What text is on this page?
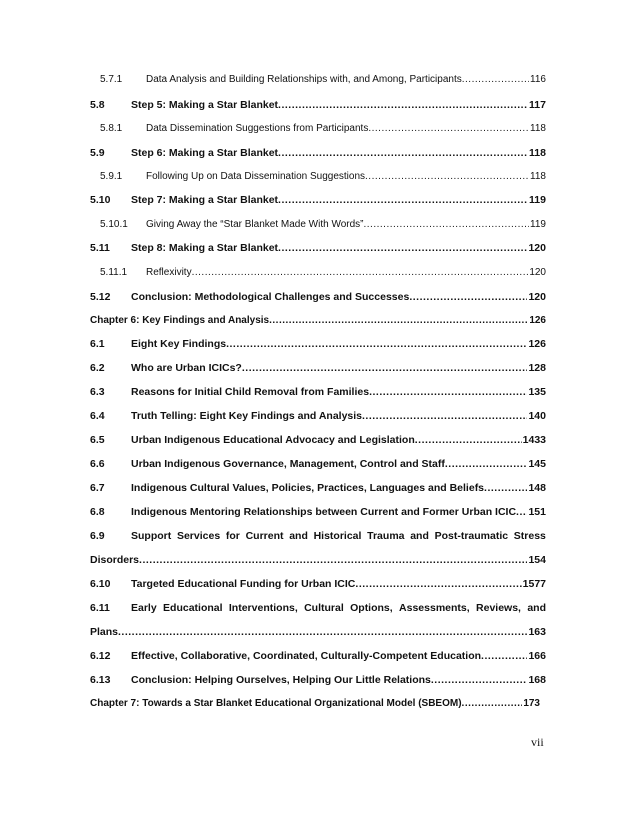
5.7.1	Data Analysis and Building Relationships with, and Among, Participants .....	116
5.8	Step 5: Making a Star Blanket .....	117
5.8.1	Data Dissemination Suggestions from Participants .....	118
5.9	Step 6: Making a Star Blanket .....	118
5.9.1	Following Up on Data Dissemination Suggestions .....	118
5.10	Step 7: Making a Star Blanket .....	119
5.10.1	Giving Away the “Star Blanket Made With Words” .....	119
5.11	Step 8: Making a Star Blanket .....	120
5.11.1	Reflexivity .....	120
5.12	Conclusion: Methodological Challenges and Successes .....	120
Chapter 6: Key Findings and Analysis .....	126
6.1	Eight Key Findings .....	126
6.2	Who are Urban ICICs? .....	128
6.3	Reasons for Initial Child Removal from Families .....	135
6.4	Truth Telling: Eight Key Findings and Analysis .....	140
6.5	Urban Indigenous Educational Advocacy and Legislation .....	1433
6.6	Urban Indigenous Governance, Management, Control and Staff .....	145
6.7	Indigenous Cultural Values, Policies, Practices, Languages and Beliefs .....	148
6.8	Indigenous Mentoring Relationships between Current and Former Urban ICIC ..... 151
6.9	Support Services for Current and Historical Trauma and Post-traumatic Stress
Disorders .....	154
6.10	Targeted Educational Funding for Urban ICIC .....	1577
6.11	Early Educational Interventions, Cultural Options, Assessments, Reviews, and
Plans .....	163
6.12	Effective, Collaborative, Coordinated, Culturally-Competent Education .....	166
6.13	Conclusion: Helping Ourselves, Helping Our Little Relations .....	168
Chapter 7: Towards a Star Blanket Educational Organizational Model (SBEOM) .....	173
vii
